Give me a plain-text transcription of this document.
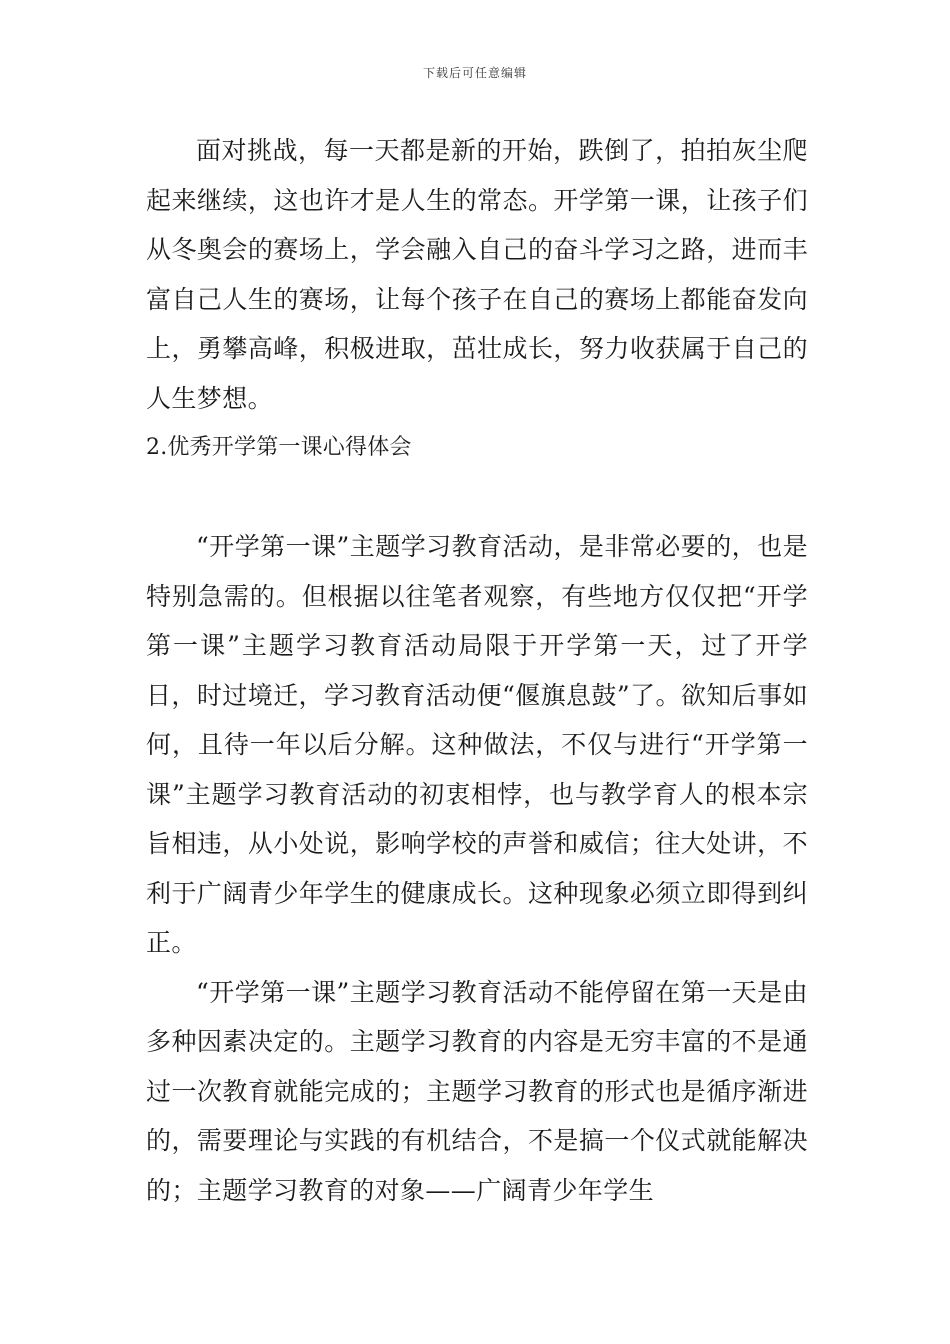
下载后可任意编辑

面对挑战，每一天都是新的开始，跌倒了，拍拍灰尘爬起来继续，这也许才是人生的常态。开学第一课，让孩子们从冬奥会的赛场上，学会融入自己的奋斗学习之路，进而丰富自己人生的赛场，让每个孩子在自己的赛场上都能奋发向上，勇攀高峰，积极进取，茁壮成长，努力收获属于自己的人生梦想。

2.优秀开学第一课心得体会

“开学第一课”主题学习教育活动，是非常必要的，也是特别急需的。但根据以往笔者观察，有些地方仅仅把“开学第一课”主题学习教育活动局限于开学第一天，过了开学日，时过境迁，学习教育活动便“偃旗息鼓”了。欲知后事如何，且待一年以后分解。这种做法，不仅与进行“开学第一课”主题学习教育活动的初衷相悖，也与教学育人的根本宗旨相违，从小处说，影响学校的声誉和威信；往大处讲，不利于广阔青少年学生的健康成长。这种现象必须立即得到纠正。

“开学第一课”主题学习教育活动不能停留在第一天是由多种因素决定的。主题学习教育的内容是无穷丰富的不是通过一次教育就能完成的；主题学习教育的形式也是循序渐进的，需要理论与实践的有机结合，不是搞一个仪式就能解决的；主题学习教育的对象——广阔青少年学生
